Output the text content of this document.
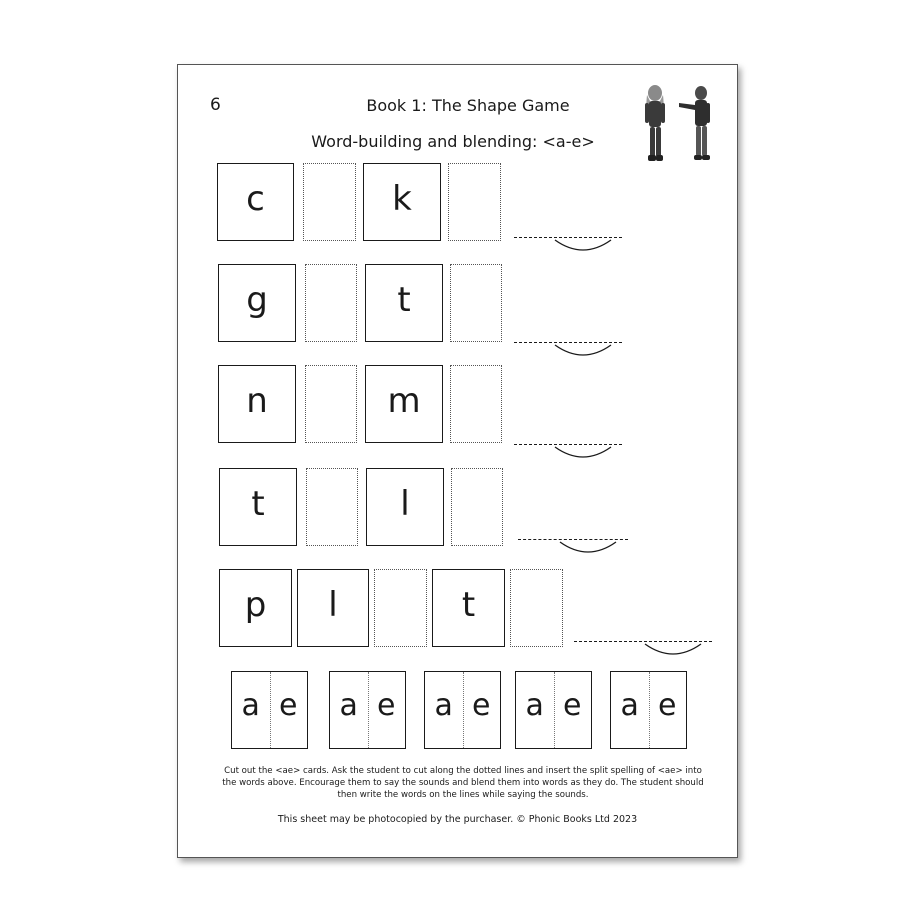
6	Book 1: The Shape Game
Word-building and blending: <a-e>
c	k
g	t
n	m
t	l
p	l	t
a e	a e	a e	a e	a e
Cut out the <ae> cards. Ask the student to cut along the dotted lines and insert the split spelling of <ae> into the words above. Encourage them to say the sounds and blend them into words as they do. The student should then write the words on the lines while saying the sounds.
This sheet may be photocopied by the purchaser. © Phonic Books Ltd 2023
